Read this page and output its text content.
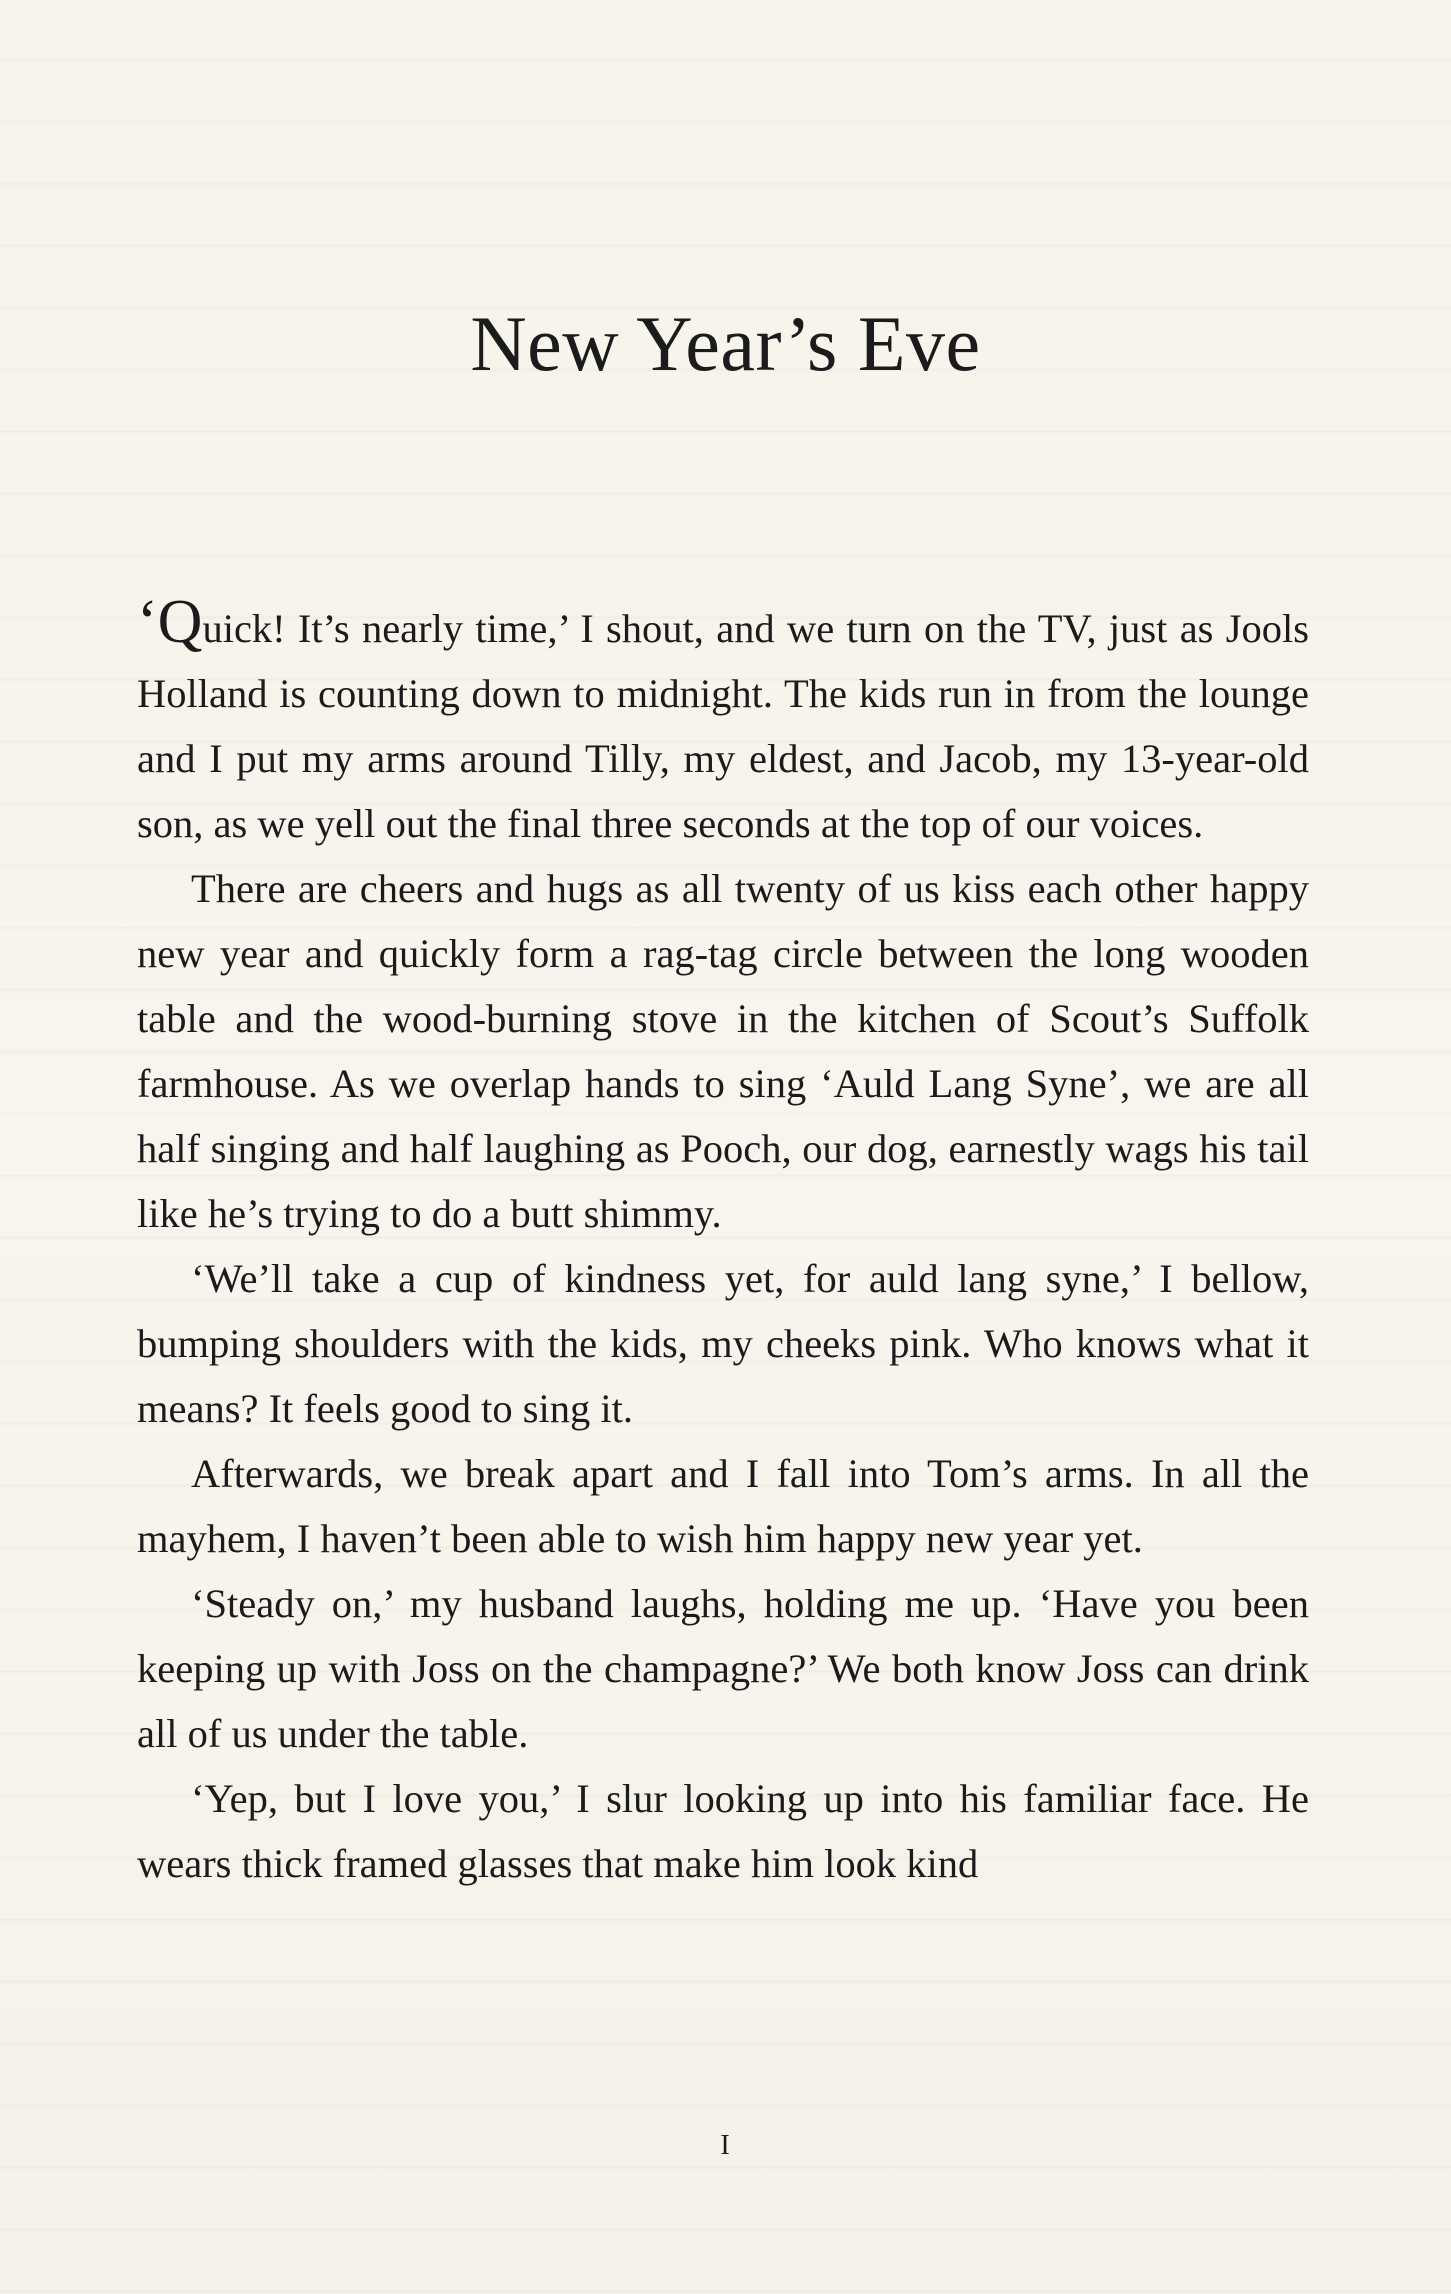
New Year’s Eve

‘Quick! It’s nearly time,’ I shout, and we turn on the TV, just as Jools Holland is counting down to midnight. The kids run in from the lounge and I put my arms around Tilly, my eldest, and Jacob, my 13-year-old son, as we yell out the final three seconds at the top of our voices.

There are cheers and hugs as all twenty of us kiss each other happy new year and quickly form a rag-tag circle between the long wooden table and the wood-burning stove in the kitchen of Scout’s Suffolk farmhouse. As we overlap hands to sing ‘Auld Lang Syne’, we are all half singing and half laughing as Pooch, our dog, earnestly wags his tail like he’s trying to do a butt shimmy.

‘We’ll take a cup of kindness yet, for auld lang syne,’ I bellow, bumping shoulders with the kids, my cheeks pink. Who knows what it means? It feels good to sing it.

Afterwards, we break apart and I fall into Tom’s arms. In all the mayhem, I haven’t been able to wish him happy new year yet.

‘Steady on,’ my husband laughs, holding me up. ‘Have you been keeping up with Joss on the champagne?’ We both know Joss can drink all of us under the table.

‘Yep, but I love you,’ I slur looking up into his familiar face. He wears thick framed glasses that make him look kind

I
